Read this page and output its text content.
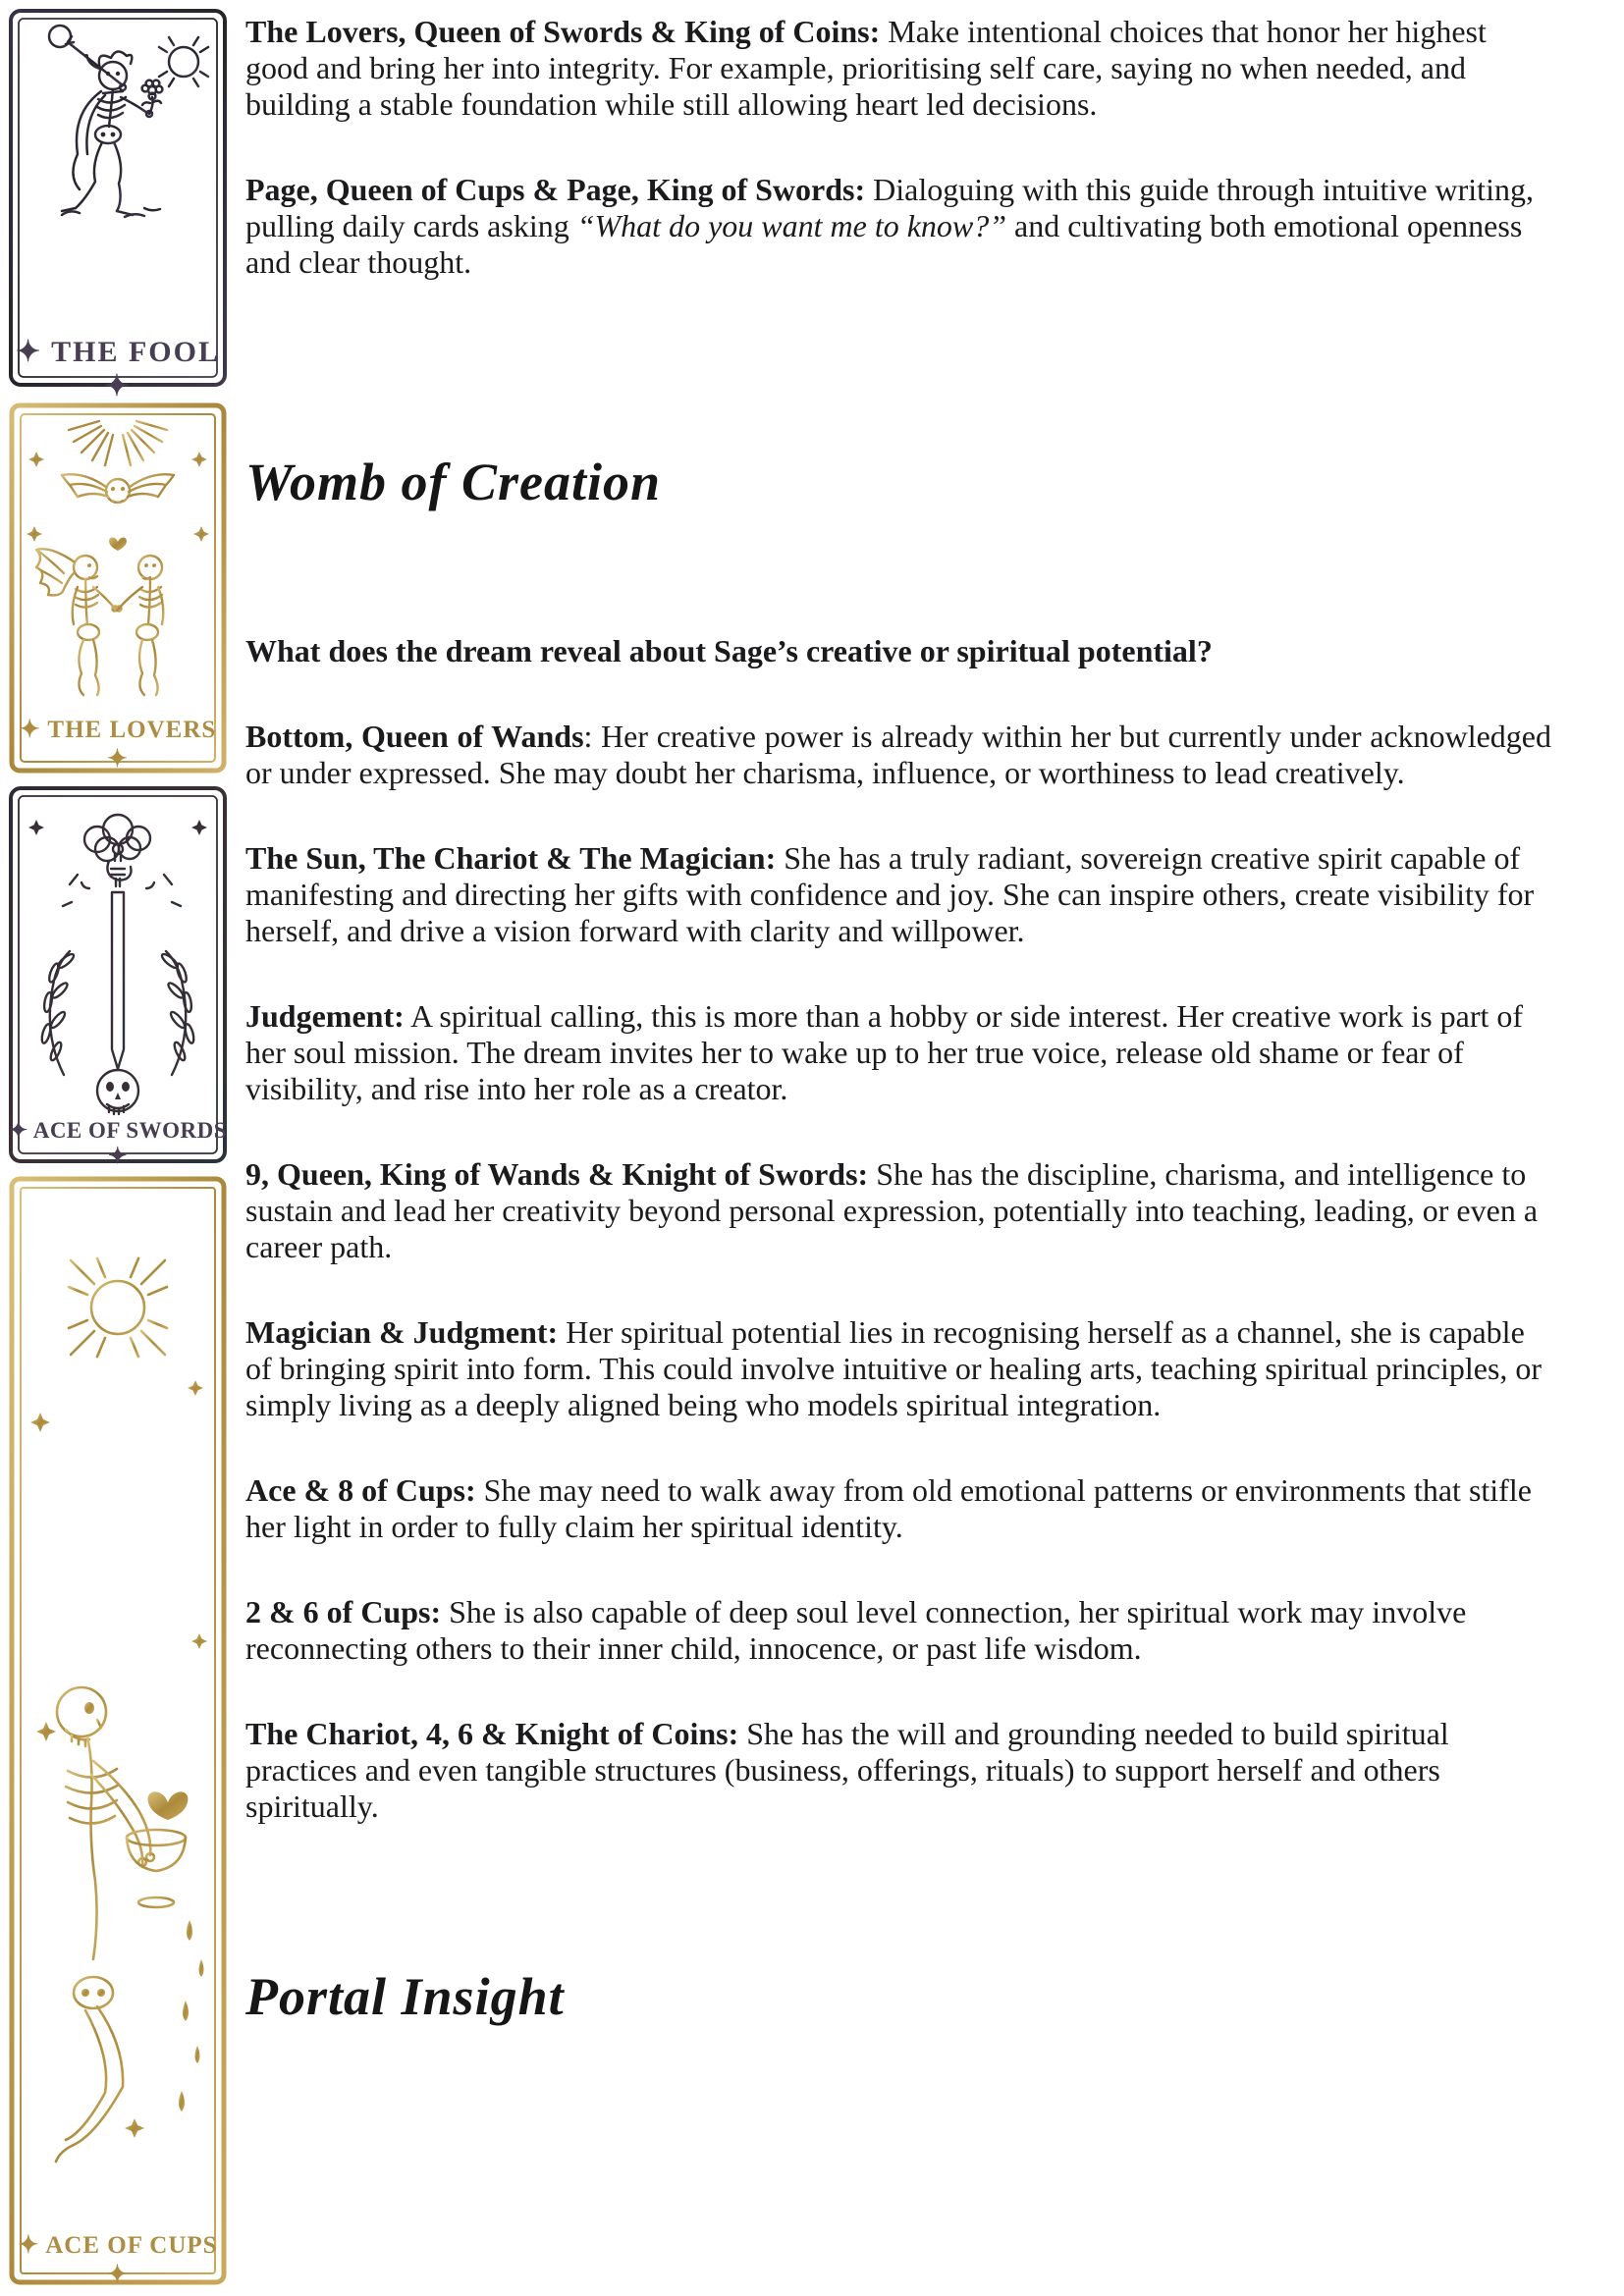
✦ THE FOOL ✦
✦ THE LOVERS ✦
✦ ACE OF SWORDS ✦
✦ ACE OF CUPS ✦

The Lovers, Queen of Swords & King of Coins: Make intentional choices that honor her highest good and bring her into integrity. For example, prioritising self care, saying no when needed, and building a stable foundation while still allowing heart led decisions.

Page, Queen of Cups & Page, King of Swords: Dialoguing with this guide through intuitive writing, pulling daily cards asking “What do you want me to know?” and cultivating both emotional openness and clear thought.

Womb of Creation
What does the dream reveal about Sage’s creative or spiritual potential?

Bottom, Queen of Wands: Her creative power is already within her but currently under acknowledged or under expressed. She may doubt her charisma, influence, or worthiness to lead creatively.

The Sun, The Chariot & The Magician: She has a truly radiant, sovereign creative spirit capable of manifesting and directing her gifts with confidence and joy. She can inspire others, create visibility for herself, and drive a vision forward with clarity and willpower.

Judgement: A spiritual calling, this is more than a hobby or side interest. Her creative work is part of her soul mission. The dream invites her to wake up to her true voice, release old shame or fear of visibility, and rise into her role as a creator.

9, Queen, King of Wands & Knight of Swords: She has the discipline, charisma, and intelligence to sustain and lead her creativity beyond personal expression, potentially into teaching, leading, or even a career path.

Magician & Judgment: Her spiritual potential lies in recognising herself as a channel, she is capable of bringing spirit into form. This could involve intuitive or healing arts, teaching spiritual principles, or simply living as a deeply aligned being who models spiritual integration.

Ace & 8 of Cups: She may need to walk away from old emotional patterns or environments that stifle her light in order to fully claim her spiritual identity.

2 & 6 of Cups: She is also capable of deep soul level connection, her spiritual work may involve reconnecting others to their inner child, innocence, or past life wisdom.

The Chariot, 4, 6 & Knight of Coins: She has the will and grounding needed to build spiritual practices and even tangible structures (business, offerings, rituals) to support herself and others spiritually.

Portal Insight
